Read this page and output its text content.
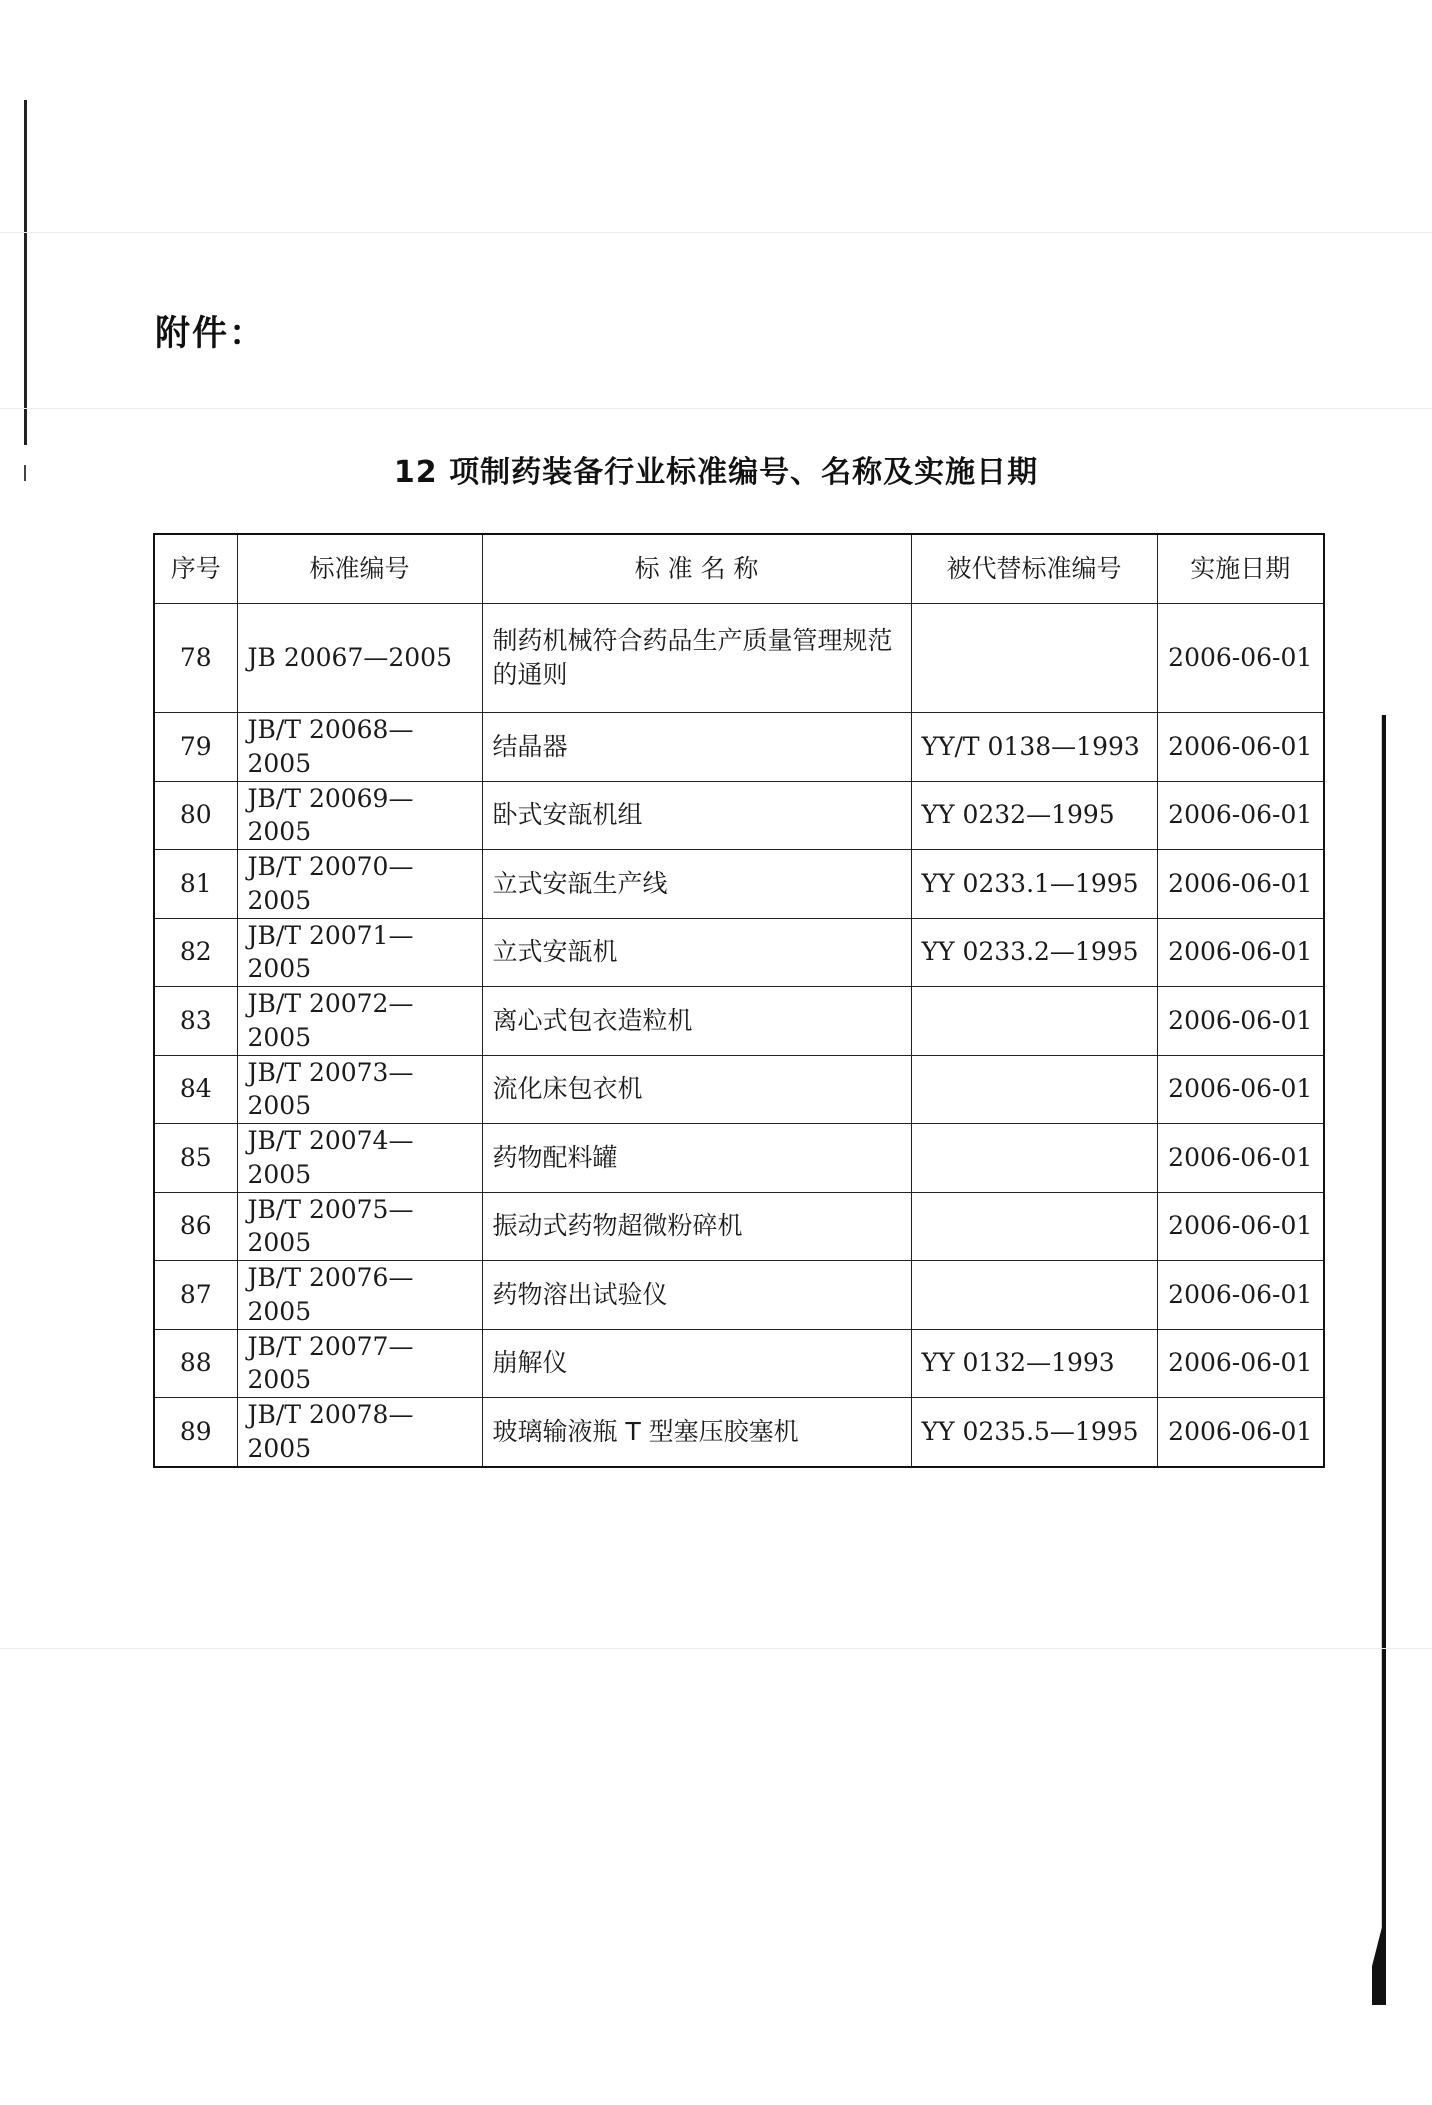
附件：
12 项制药装备行业标准编号、名称及实施日期
序号	标准编号	标 准 名 称	被代替标准编号	实施日期
78	JB 20067—2005	制药机械符合药品生产质量管理规范的通则		2006-06-01
79	JB/T 20068—2005	结晶器	YY/T 0138—1993	2006-06-01
80	JB/T 20069—2005	卧式安瓿机组	YY 0232—1995	2006-06-01
81	JB/T 20070—2005	立式安瓿生产线	YY 0233.1—1995	2006-06-01
82	JB/T 20071—2005	立式安瓿机	YY 0233.2—1995	2006-06-01
83	JB/T 20072—2005	离心式包衣造粒机		2006-06-01
84	JB/T 20073—2005	流化床包衣机		2006-06-01
85	JB/T 20074—2005	药物配料罐		2006-06-01
86	JB/T 20075—2005	振动式药物超微粉碎机		2006-06-01
87	JB/T 20076—2005	药物溶出试验仪		2006-06-01
88	JB/T 20077—2005	崩解仪	YY 0132—1993	2006-06-01
89	JB/T 20078—2005	玻璃输液瓶 T 型塞压胶塞机	YY 0235.5—1995	2006-06-01
